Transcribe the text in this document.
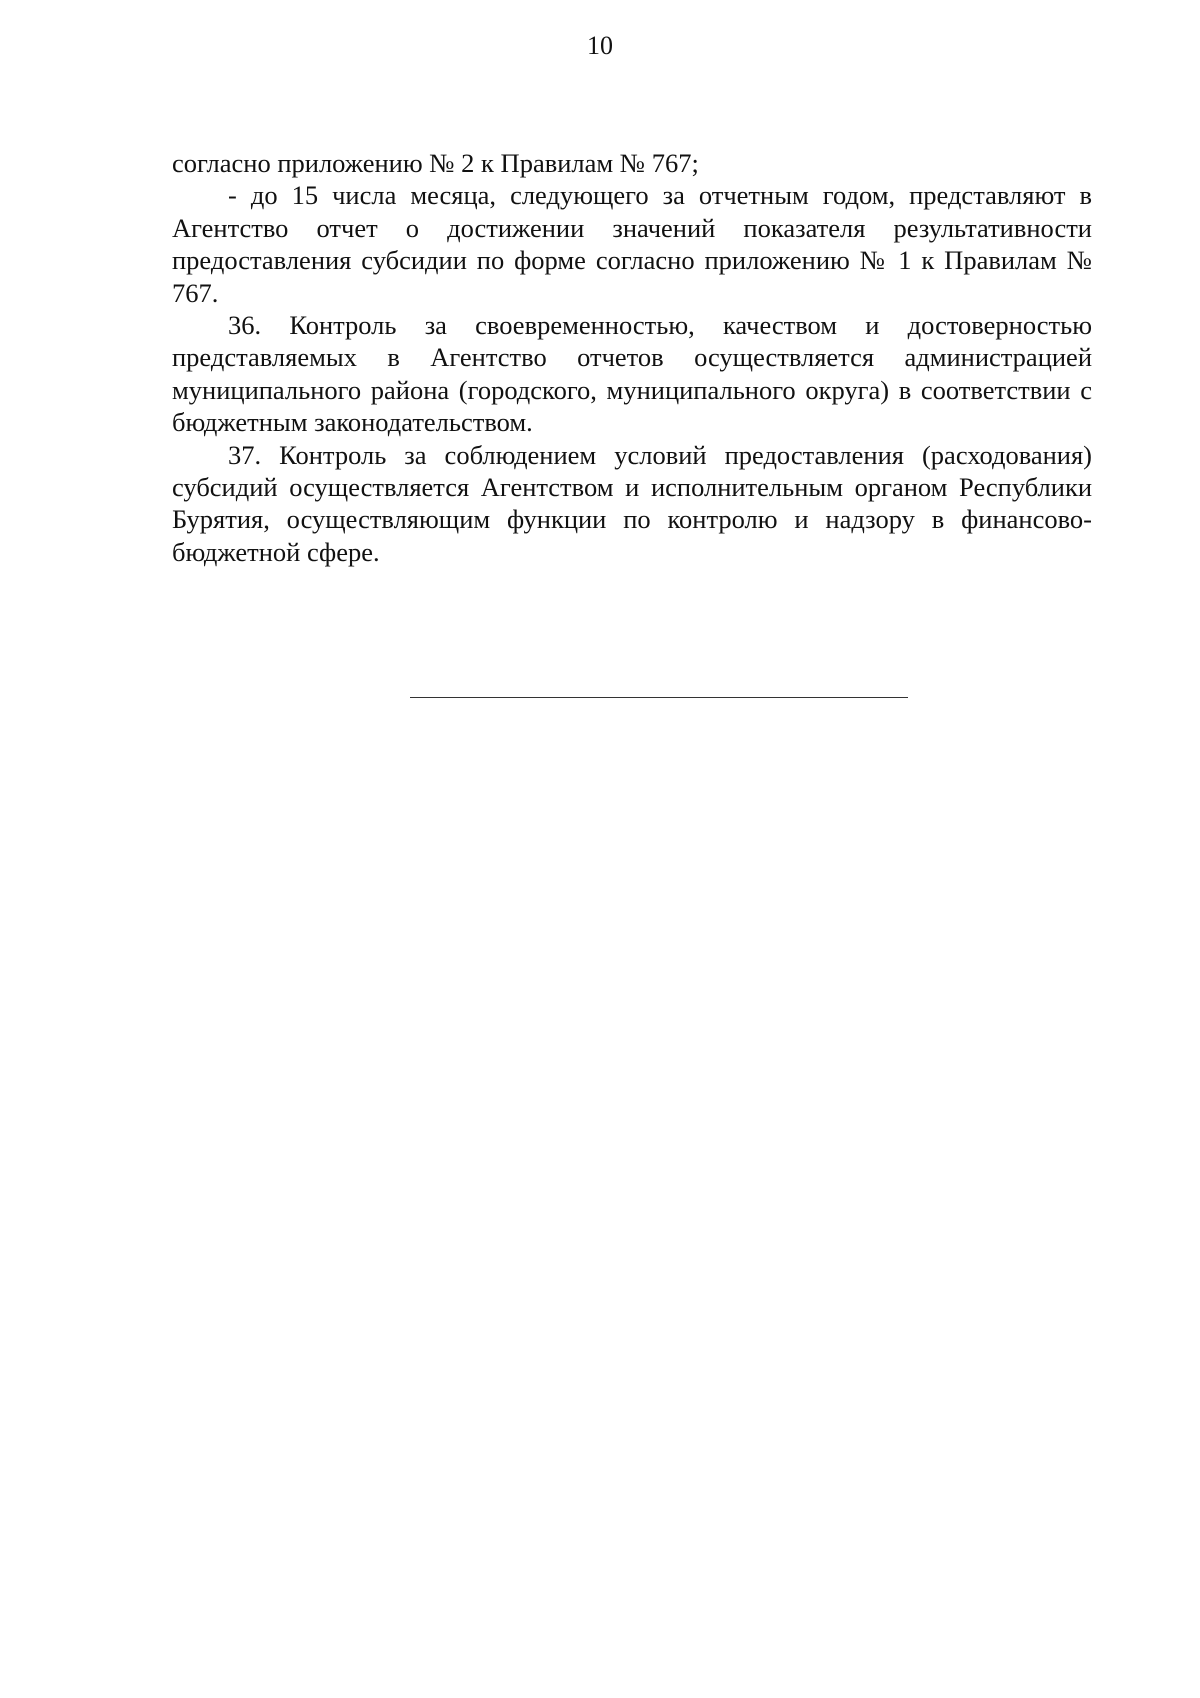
10

согласно приложению № 2 к Правилам № 767;

- до 15 числа месяца, следующего за отчетным годом, представляют в Агентство отчет о достижении значений показателя результативности предоставления субсидии по форме согласно приложению № 1 к Правилам № 767.

36. Контроль за своевременностью, качеством и достоверностью представляемых в Агентство отчетов осуществляется администрацией муниципального района (городского, муниципального округа) в соответствии с бюджетным законодательством.

37. Контроль за соблюдением условий предоставления (расходования) субсидий осуществляется Агентством и исполнительным органом Республики Бурятия, осуществляющим функции по контролю и надзору в финансово-бюджетной сфере.
